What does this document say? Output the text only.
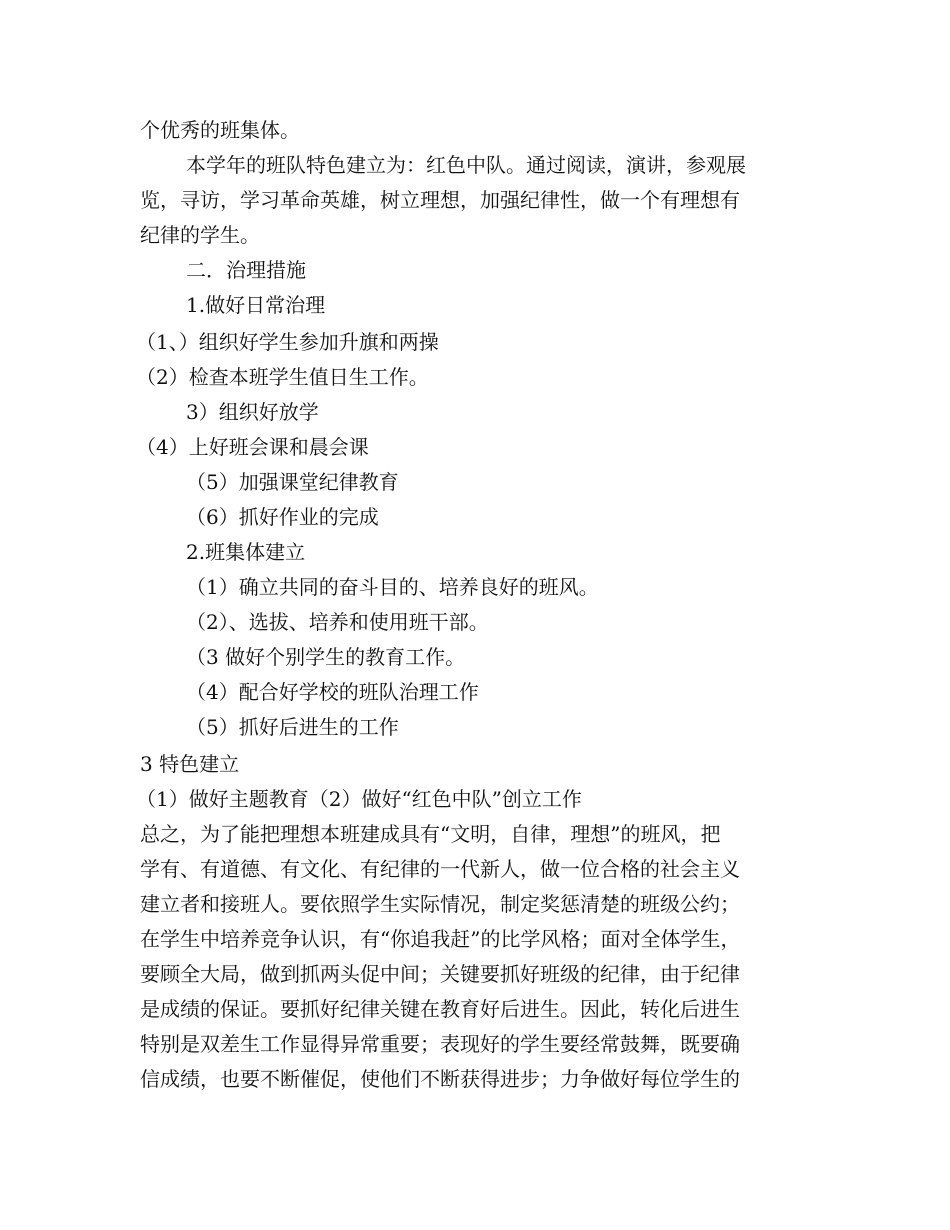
个优秀的班集体。
本学年的班队特色建立为：红色中队。通过阅读，演讲，参观展
览，寻访，学习革命英雄，树立理想，加强纪律性，做一个有理想有
纪律的学生。
二．治理措施
1.做好日常治理
（1、）组织好学生参加升旗和两操
（2）检查本班学生值日生工作。
3）组织好放学
（4）上好班会课和晨会课
（5）加强课堂纪律教育
（6）抓好作业的完成
2.班集体建立
（1）确立共同的奋斗目的、培养良好的班风。
（2）、选拔、培养和使用班干部。
（3 做好个别学生的教育工作。
（4）配合好学校的班队治理工作
（5）抓好后进生的工作
3 特色建立
（1）做好主题教育（2）做好“红色中队”创立工作
总之，为了能把理想本班建成具有“文明，自律，理想”的班风，把
学有、有道德、有文化、有纪律的一代新人，做一位合格的社会主义
建立者和接班人。要依照学生实际情况，制定奖惩清楚的班级公约；
在学生中培养竞争认识，有“你追我赶”的比学风格；面对全体学生，
要顾全大局，做到抓两头促中间；关键要抓好班级的纪律，由于纪律
是成绩的保证。要抓好纪律关键在教育好后进生。因此，转化后进生
特别是双差生工作显得异常重要；表现好的学生要经常鼓舞，既要确
信成绩，也要不断催促，使他们不断获得进步；力争做好每位学生的
